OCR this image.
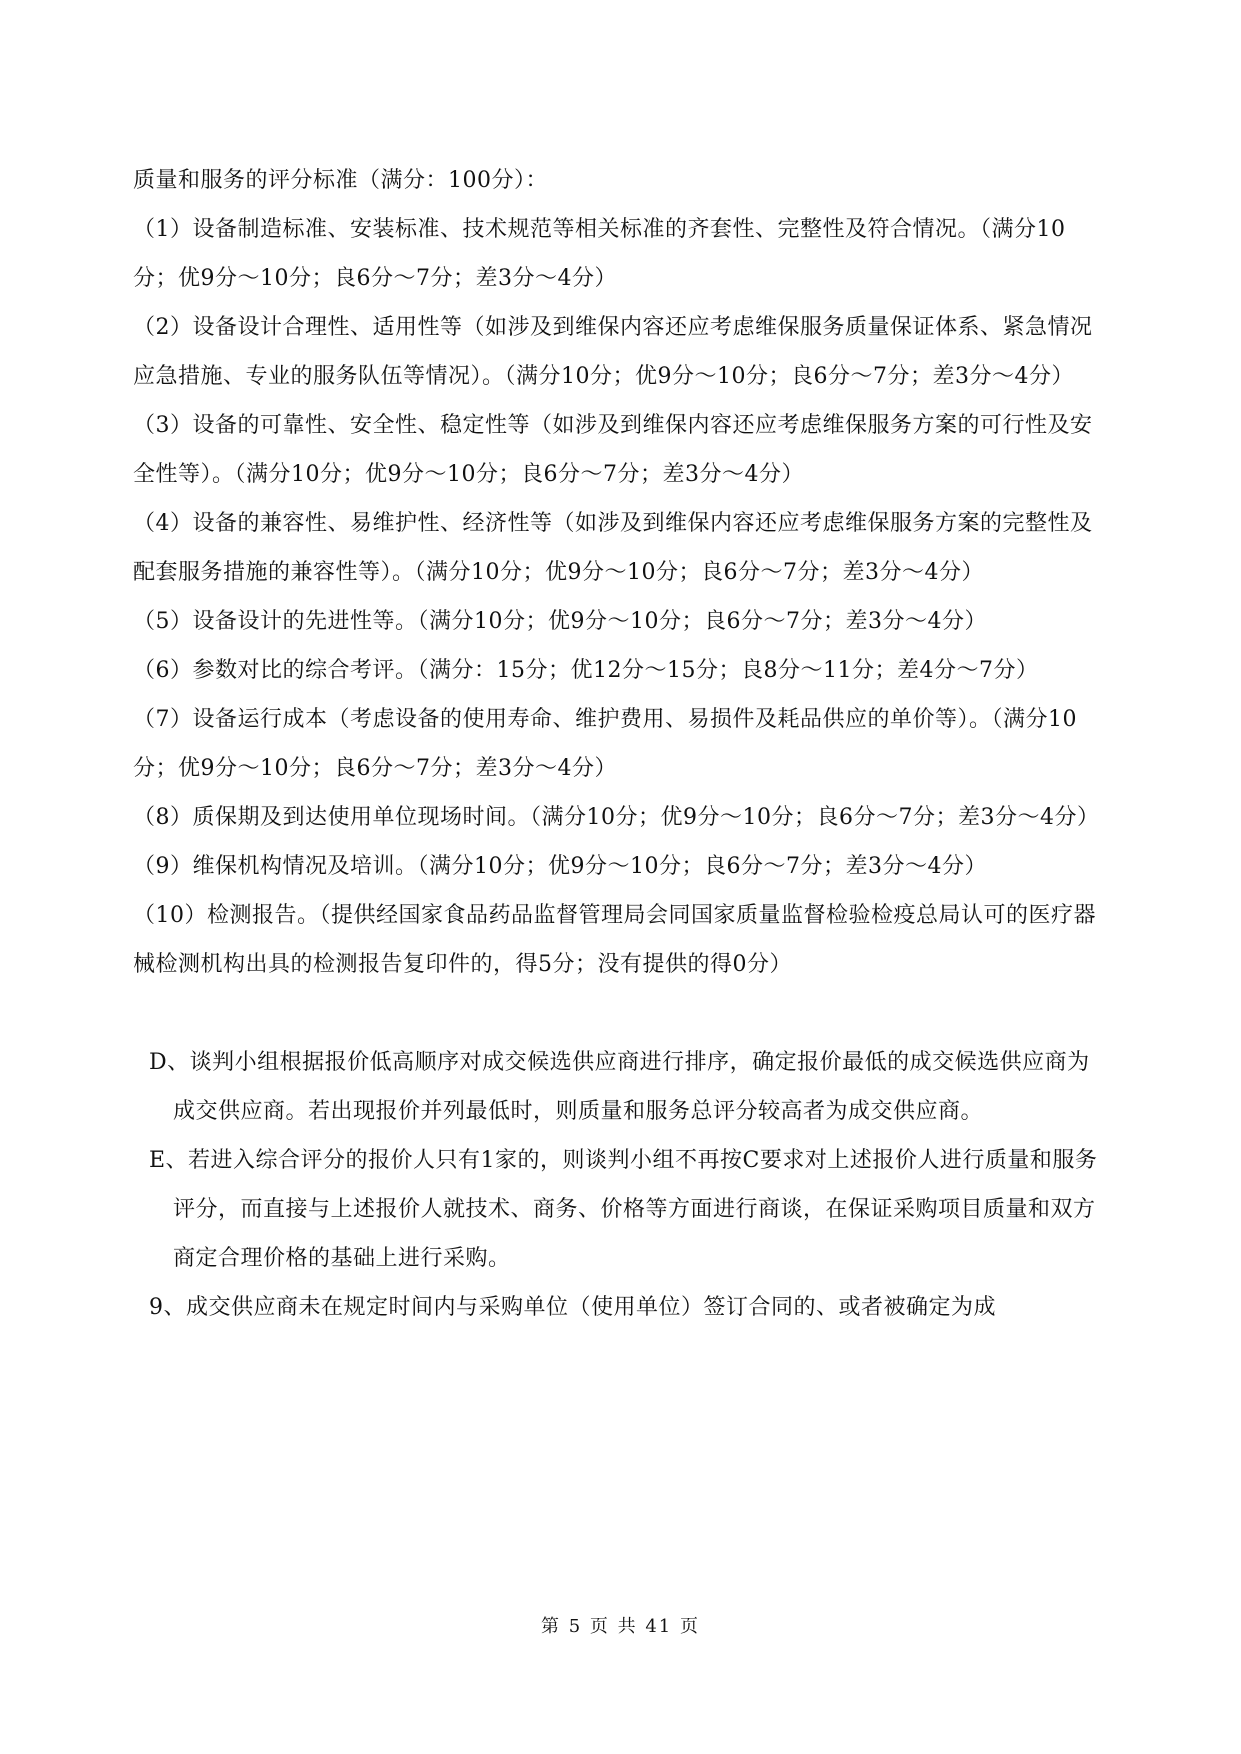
质量和服务的评分标准（满分：100分）：

（1）设备制造标准、安装标准、技术规范等相关标准的齐套性、完整性及符合情况。（满分10分；优9分～10分；良6分～7分；差3分～4分）

（2）设备设计合理性、适用性等（如涉及到维保内容还应考虑维保服务质量保证体系、紧急情况应急措施、专业的服务队伍等情况）。（满分10分；优9分～10分；良6分～7分；差3分～4分）

（3）设备的可靠性、安全性、稳定性等（如涉及到维保内容还应考虑维保服务方案的可行性及安全性等）。（满分10分；优9分～10分；良6分～7分；差3分～4分）

（4）设备的兼容性、易维护性、经济性等（如涉及到维保内容还应考虑维保服务方案的完整性及配套服务措施的兼容性等）。（满分10分；优9分～10分；良6分～7分；差3分～4分）

（5）设备设计的先进性等。（满分10分；优9分～10分；良6分～7分；差3分～4分）

（6）参数对比的综合考评。（满分：15分；优12分～15分；良8分～11分；差4分～7分）

（7）设备运行成本（考虑设备的使用寿命、维护费用、易损件及耗品供应的单价等）。（满分10分；优9分～10分；良6分～7分；差3分～4分）

（8）质保期及到达使用单位现场时间。（满分10分；优9分～10分；良6分～7分；差3分～4分）

（9）维保机构情况及培训。（满分10分；优9分～10分；良6分～7分；差3分～4分）

（10）检测报告。（提供经国家食品药品监督管理局会同国家质量监督检验检疫总局认可的医疗器械检测机构出具的检测报告复印件的，得5分；没有提供的得0分）

D、谈判小组根据报价低高顺序对成交候选供应商进行排序，确定报价最低的成交候选供应商为成交供应商。若出现报价并列最低时，则质量和服务总评分较高者为成交供应商。

E、若进入综合评分的报价人只有1家的，则谈判小组不再按C要求对上述报价人进行质量和服务评分，而直接与上述报价人就技术、商务、价格等方面进行商谈，在保证采购项目质量和双方商定合理价格的基础上进行采购。

9、成交供应商未在规定时间内与采购单位（使用单位）签订合同的、或者被确定为成

第 5 页 共 41 页
